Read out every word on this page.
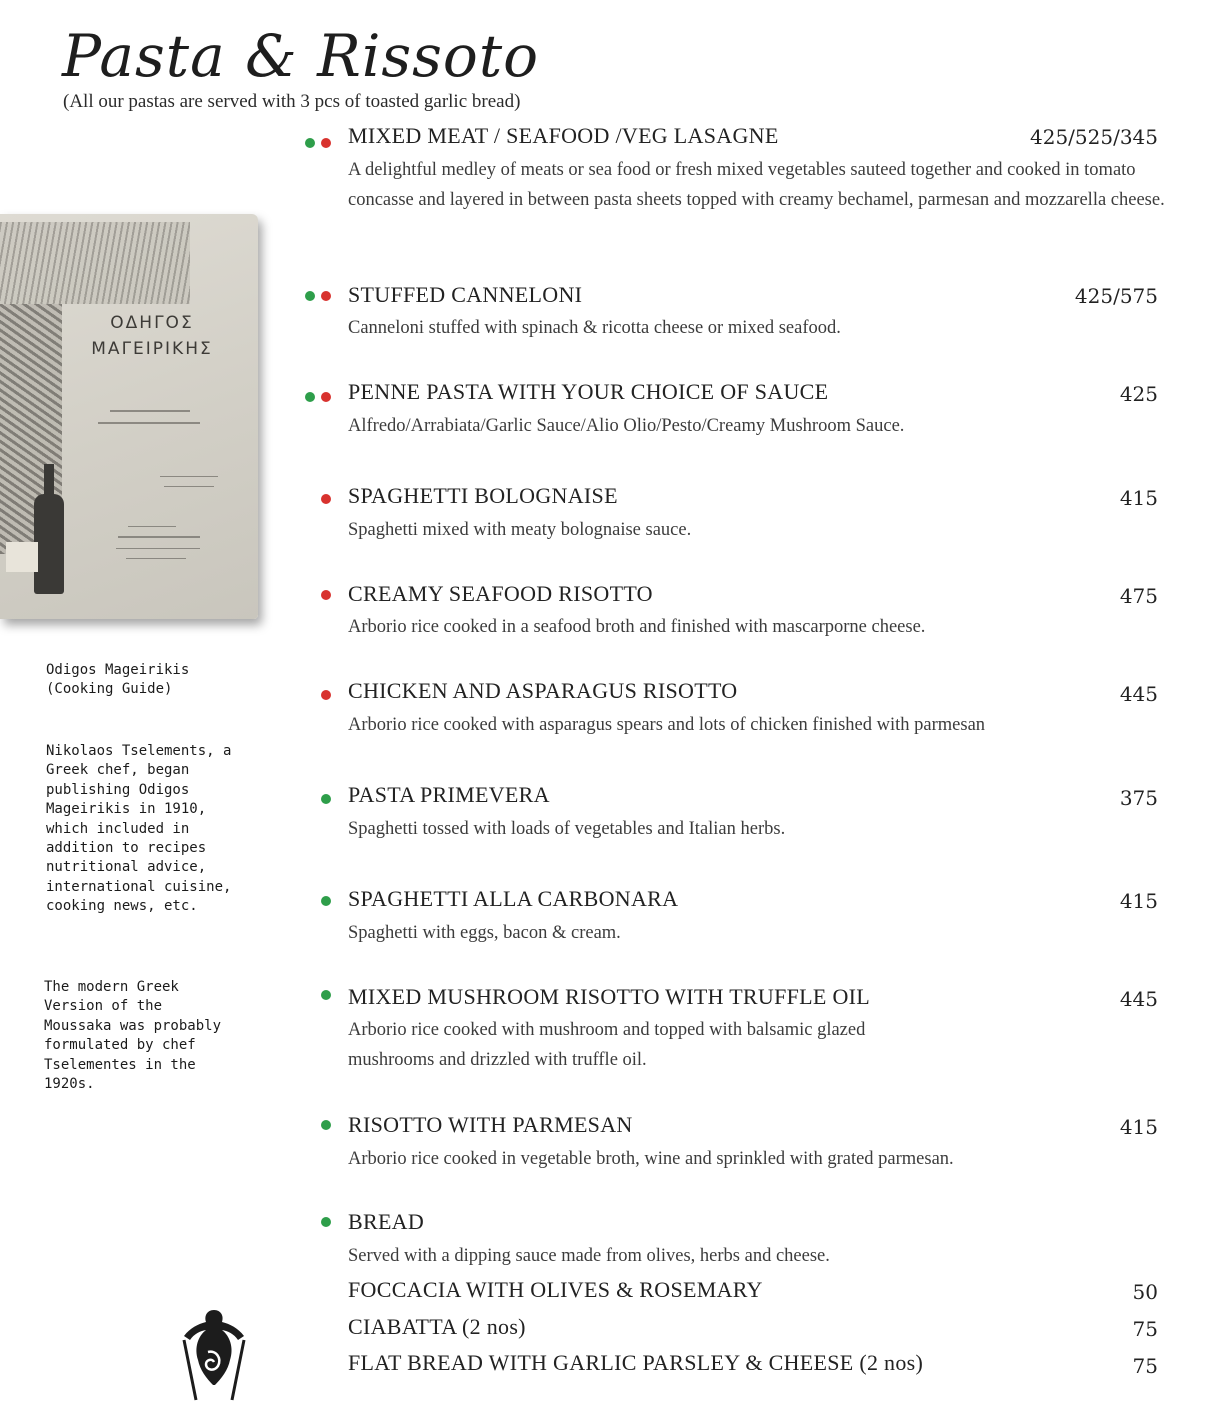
Pasta & Rissoto
(All our pastas are served with 3 pcs of toasted garlic bread)
ΟΔΗΓΟΣ
ΜΑΓΕΙΡΙΚΗΣ
Odigos Mageirikis
(Cooking Guide)
Nikolaos Tselements, a
Greek chef, began
publishing Odigos
Mageirikis in 1910,
which included in
addition to recipes
nutritional advice,
international cuisine,
cooking news, etc.
The modern Greek
Version of the
Moussaka was probably
formulated by chef
Tselementes in the
1920s.
MIXED MEAT / SEAFOOD /VEG LASAGNE	425/525/345
A delightful medley of meats or sea food or fresh mixed vegetables sauteed together and cooked in tomato concasse and layered in between pasta sheets topped with creamy bechamel, parmesan and mozzarella cheese.
STUFFED CANNELONI	425/575
Canneloni stuffed with spinach & ricotta cheese or mixed seafood.
PENNE PASTA WITH YOUR CHOICE OF SAUCE	425
Alfredo/Arrabiata/Garlic Sauce/Alio Olio/Pesto/Creamy Mushroom Sauce.
SPAGHETTI BOLOGNAISE	415
Spaghetti mixed with meaty bolognaise sauce.
CREAMY SEAFOOD RISOTTO	475
Arborio rice cooked in a seafood broth and finished with mascarporne cheese.
CHICKEN AND ASPARAGUS RISOTTO	445
Arborio rice cooked with asparagus spears and lots of chicken finished with parmesan
PASTA PRIMEVERA	375
Spaghetti tossed with loads of vegetables and Italian herbs.
SPAGHETTI ALLA CARBONARA	415
Spaghetti with eggs, bacon & cream.
MIXED MUSHROOM RISOTTO WITH TRUFFLE OIL	445
Arborio rice cooked with mushroom and topped with balsamic glazed mushrooms and drizzled with truffle oil.
RISOTTO WITH PARMESAN	415
Arborio rice cooked in vegetable broth, wine and sprinkled with grated parmesan.
BREAD
Served with a dipping sauce made from olives, herbs and cheese.
FOCCACIA WITH OLIVES & ROSEMARY	50
CIABATTA (2 nos)	75
FLAT BREAD WITH GARLIC PARSLEY & CHEESE (2 nos)	75
